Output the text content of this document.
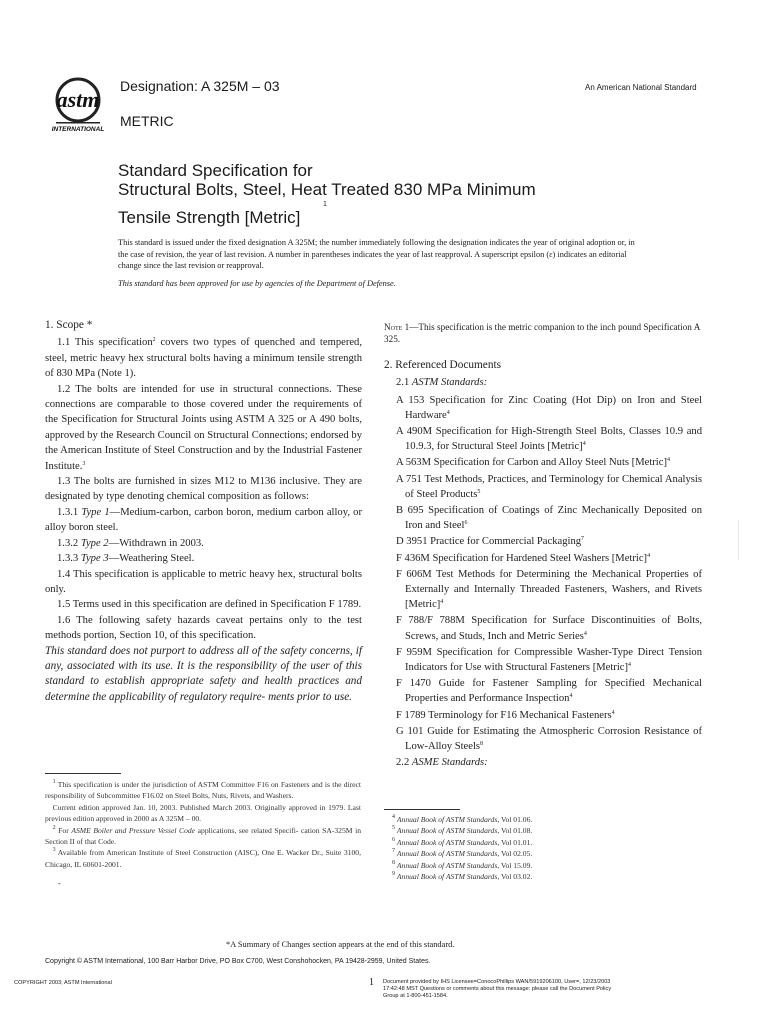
astm
INTERNATIONAL
Designation: A 325M – 03
METRIC
An American National Standard
Standard Specification for
Structural Bolts, Steel, Heat Treated 830 MPa Minimum
1
Tensile Strength [Metric]
This standard is issued under the fixed designation A 325M; the number immediately following the designation indicates the year of original adoption or, in the case of revision, the year of last revision. A number in parentheses indicates the year of last reapproval. A superscript epsilon (ε) indicates an editorial change since the last revision or reapproval.
This standard has been approved for use by agencies of the Department of Defense.

1. Scope *

1.1 This specification$^2$ covers two types of quenched and tempered, steel, metric heavy hex structural bolts having a minimum tensile strength of 830 MPa (Note 1).

1.2 The bolts are intended for use in structural connections. These connections are comparable to those covered under the requirements of the Specification for Structural Joints using ASTM A 325 or A 490 bolts, approved by the Research Council on Structural Connections; endorsed by the American Institute of Steel Construction and by the Industrial Fastener Institute.$^3$

1.3 The bolts are furnished in sizes M12 to M136 inclusive. They are designated by type denoting chemical composition as follows:

1.3.1 Type 1—Medium-carbon, carbon boron, medium carbon alloy, or alloy boron steel.

1.3.2 Type 2—Withdrawn in 2003.

1.3.3 Type 3—Weathering Steel.

1.4 This specification is applicable to metric heavy hex, structural bolts only.

1.5 Terms used in this specification are defined in Specification F 1789.

1.6 The following safety hazards caveat pertains only to the test methods portion, Section 10, of this specification.

This standard does not purport to address all of the safety concerns, if any, associated with its use. It is the responsibility of the user of this standard to establish appropriate safety and health practices and determine the applicability of regulatory require- ments prior to use.

Note 1—This specification is the metric companion to the inch pound Specification A 325.

2. Referenced Documents

2.1 ASTM Standards:

A 153 Specification for Zinc Coating (Hot Dip) on Iron and Steel Hardware$^4$
A 490M Specification for High-Strength Steel Bolts, Classes 10.9 and 10.9.3, for Structural Steel Joints [Metric]$^4$
A 563M Specification for Carbon and Alloy Steel Nuts [Metric]$^4$
A 751 Test Methods, Practices, and Terminology for Chemical Analysis of Steel Products$^5$
B 695 Specification of Coatings of Zinc Mechanically Deposited on Iron and Steel$^6$
D 3951 Practice for Commercial Packaging$^7$
F 436M Specification for Hardened Steel Washers [Metric]$^4$
F 606M Test Methods for Determining the Mechanical Properties of Externally and Internally Threaded Fasteners, Washers, and Rivets [Metric]$^4$
F 788/F 788M Specification for Surface Discontinuities of Bolts, Screws, and Studs, Inch and Metric Series$^4$
F 959M Specification for Compressible Washer-Type Direct Tension Indicators for Use with Structural Fasteners [Metric]$^4$
F 1470 Guide for Fastener Sampling for Specified Mechanical Properties and Performance Inspection$^4$
F 1789 Terminology for F16 Mechanical Fasteners$^4$
G 101 Guide for Estimating the Atmospheric Corrosion Resistance of Low-Alloy Steels$^8$

2.2 ASME Standards:

 $^1$ This specification is under the jurisdiction of ASTM Committee F16 on Fasteners and is the direct responsibility of Subcommittee F16.02 on Steel Bolts, Nuts, Rivets, and Washers.

 Current edition approved Jan. 10, 2003. Published March 2003. Originally approved in 1979. Last previous edition approved in 2000 as A 325M – 00.

 $^2$ For ASME Boiler and Pressure Vessel Code applications, see related Specifi- cation SA-325M in Section II of that Code.

 $^3$ Available from American Institute of Steel Construction (AISC), One E. Wacker Dr., Suite 3100, Chicago, IL 60601-2001.

-

$^4$ Annual Book of ASTM Standards, Vol 01.06.

$^5$ Annual Book of ASTM Standards, Vol 01.08.

$^6$ Annual Book of ASTM Standards, Vol 01.01.

$^7$ Annual Book of ASTM Standards, Vol 02.05.

$^8$ Annual Book of ASTM Standards, Vol 15.09.

$^9$ Annual Book of ASTM Standards, Vol 03.02.

*A Summary of Changes section appears at the end of this standard.
Copyright © ASTM International, 100 Barr Harbor Drive, PO Box C700, West Conshohocken, PA 19428-2959, United States.
COPYRIGHT 2003; ASTM International	1 Document provided by IHS Licensee=ConocoPhillips WAN/5919206100, User=, 12/23/2003 17:42:48 MST Questions or comments about this message: please call the Document Policy Group at 1-800-451-1584.
